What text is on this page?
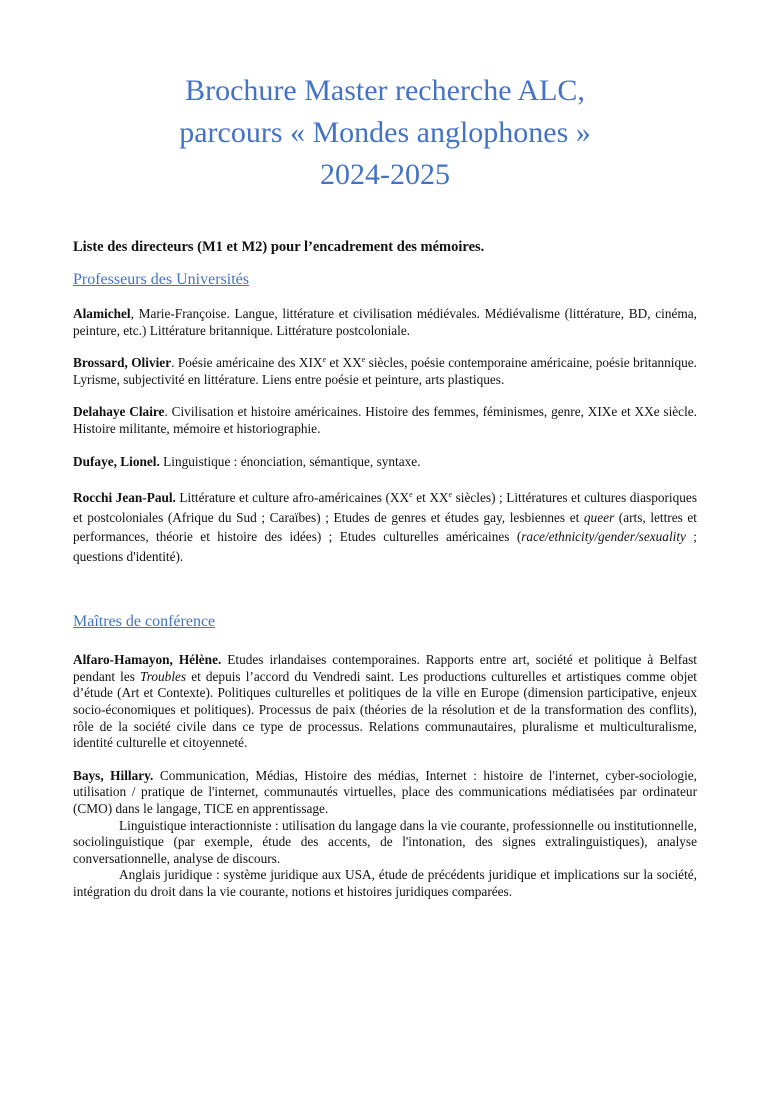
Brochure Master recherche ALC,
parcours « Mondes anglophones »
2024-2025

Liste des directeurs (M1 et M2) pour l’encadrement des mémoires.

Professeurs des Universités

Alamichel, Marie-Françoise. Langue, littérature et civilisation médiévales. Médiévalisme (littérature, BD, cinéma, peinture, etc.) Littérature britannique. Littérature postcoloniale.

Brossard, Olivier. Poésie américaine des XIXe et XXe siècles, poésie contemporaine américaine, poésie britannique. Lyrisme, subjectivité en littérature. Liens entre poésie et peinture, arts plastiques.

Delahaye Claire. Civilisation et histoire américaines. Histoire des femmes, féminismes, genre, XIXe et XXe siècle. Histoire militante, mémoire et historiographie.

Dufaye, Lionel. Linguistique : énonciation, sémantique, syntaxe.

Rocchi Jean-Paul. Littérature et culture afro-américaines (XXe et XXe siècles) ; Littératures et cultures diasporiques et postcoloniales (Afrique du Sud ; Caraïbes) ; Etudes de genres et études gay, lesbiennes et queer (arts, lettres et performances, théorie et histoire des idées) ; Etudes culturelles américaines (race/ethnicity/gender/sexuality ; questions d'identité).

Maîtres de conférence

Alfaro-Hamayon, Hélène. Etudes irlandaises contemporaines. Rapports entre art, société et politique à Belfast pendant les Troubles et depuis l’accord du Vendredi saint. Les productions culturelles et artistiques comme objet d’étude (Art et Contexte). Politiques culturelles et politiques de la ville en Europe (dimension participative, enjeux socio-économiques et politiques). Processus de paix (théories de la résolution et de la transformation des conflits), rôle de la société civile dans ce type de processus. Relations communautaires, pluralisme et multiculturalisme, identité culturelle et citoyenneté.

Bays, Hillary. Communication, Médias, Histoire des médias, Internet : histoire de l'internet, cyber-sociologie, utilisation / pratique de l'internet, communautés virtuelles, place des communications médiatisées par ordinateur (CMO) dans le langage, TICE en apprentissage.

Linguistique interactionniste : utilisation du langage dans la vie courante, professionnelle ou institutionnelle, sociolinguistique (par exemple, étude des accents, de l'intonation, des signes extralinguistiques), analyse conversationnelle, analyse de discours.

Anglais juridique : système juridique aux USA, étude de précédents juridique et implications sur la société, intégration du droit dans la vie courante, notions et histoires juridiques comparées.
